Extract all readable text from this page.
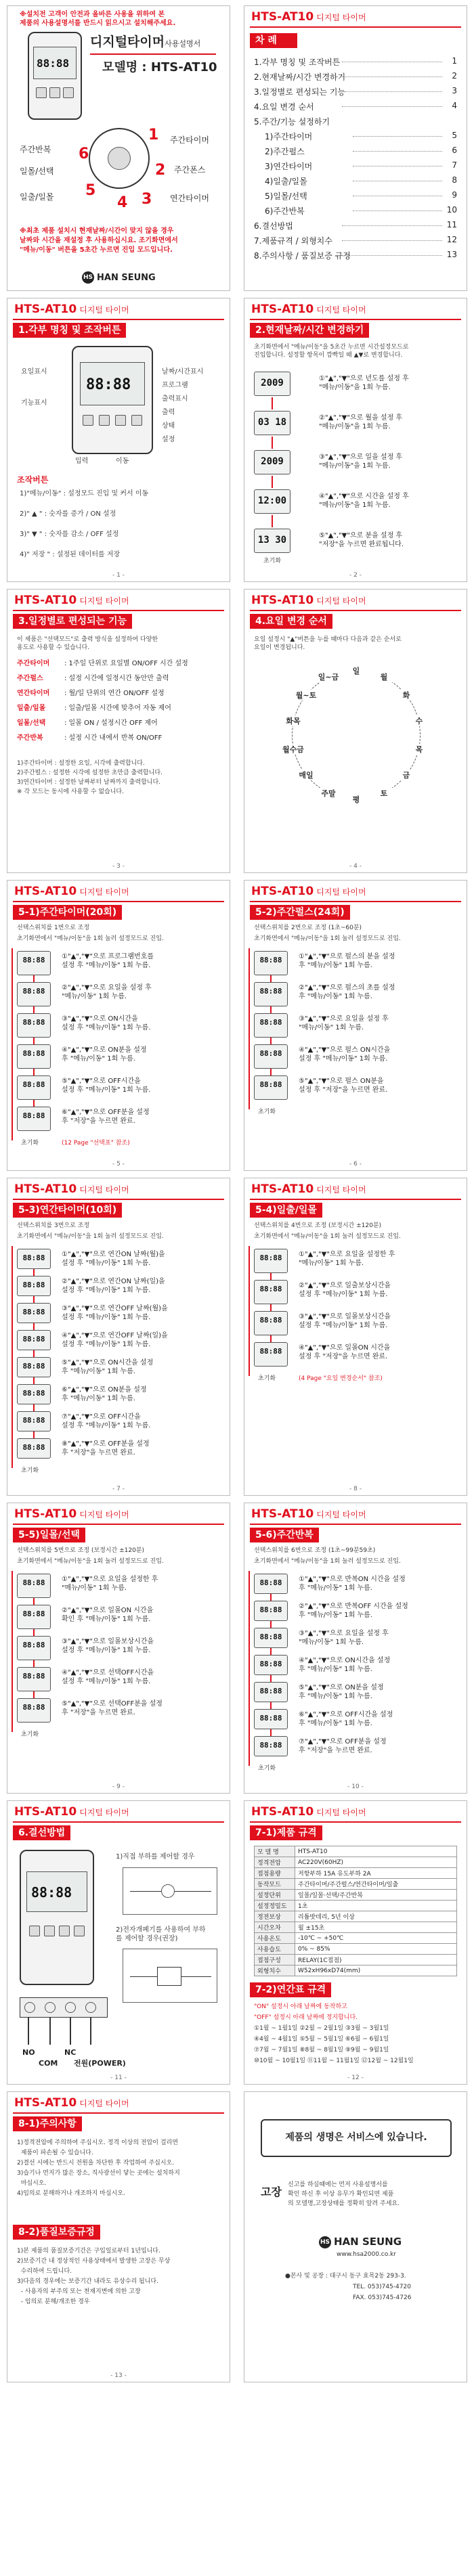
※설치전 고객이 안전과 올바른 사용을 위하여 본
제품의 사용설명서를 반드시 읽으시고 설치해주세요.
88:88
디지털타이머사용설명서
모델명 : HTS-AT10
6
5
4
1
2
3
주간반복
일몰/선택
일출/일몰
주간타이머
주간폰스
연간타이머
※최초 제품 설치시 현재날짜/시간이 맞지 않을 경우
날짜와 시간을 재설정 후 사용하십시요. 조기화면에서
"메뉴/이동" 버튼을 5초간 누르면 진입 모드입니다.
HS HAN SEUNG
HTS-AT10 디지털 타이머
차 례
1.각부 명칭 및 조작버튼	1
2.현재날짜/시간 변경하기	2
3.일정별로 편성되는 기능	3
4.요일 변경 순서	4
5.주간/기능 설정하기
1)주간타이머	5
2)주간펄스	6
3)연간타이머	7
4)일출/일몰	8
5)일몰/선택	9
6)주간반복	10
6.결선방법	11
7.제품규격 / 외형치수	12
8.주의사항 / 품질보증 규정	13
HTS-AT10 디지털 타이머
1.각부 명칭 및 조작버튼
88:88
요일표시
기능표시
날짜/시간표시
프로그램
출력표시
출력
상태
설정
입력	이동
조작버튼
1)"메뉴/이동" : 설정모드 진입 및 커서 이동
2)" ▲ " : 숫자를 증가 / ON 설정
3)" ▼ " : 숫자를 감소 / OFF 설정
4)" 저장 " : 설정된 데이터를 저장
- 1 -
HTS-AT10 디지털 타이머
2.현재날짜/시간 변경하기
초기화면에서 "메뉴/이동"을 5초간 누르면 시간설정모드로
진입합니다. 설정할 항목이 깜빡일 때 ▲▼로 변경합니다.
2009
03 18
2009
12:00
13 30
초기화
①"▲","▼"으로 년도를 설정 후
"메뉴/이동"을 1회 누름.
②"▲","▼"으로 월을 설정 후
"메뉴/이동"을 1회 누름.
③"▲","▼"으로 일을 설정 후
"메뉴/이동"을 1회 누름.
④"▲","▼"으로 시간을 설정 후
"메뉴/이동"을 1회 누름.
⑤"▲","▼"으로 분을 설정 후
"저장"을 누르면 완료됩니다.
- 2 -
HTS-AT10 디지털 타이머
3.일정별로 편성되는 기능
이 제품은 "선택모드"로 출력 방식을 설정하여 다양한
용도로 사용할 수 있습니다.
주간타이머 : 1주일 단위로 요일별 ON/OFF 시간 설정
주간펄스	: 설정 시간에 일정시간 동안만 출력
연간타이머 : 월/일 단위의 연간 ON/OFF 설정
일출/일몰	: 일출/일몰 시간에 맞추어 자동 제어
일몰/선택	: 일몰 ON / 설정시간 OFF 제어
주간반복	: 설정 시간 내에서 반복 ON/OFF
1)주간타이머 : 설정한 요일, 시각에 출력합니다.
2)주간펄스 : 설정한 시각에 설정한 초만큼 출력합니다.
3)연간타이머 : 설정한 날짜부터 날짜까지 출력합니다.
※ 각 모드는 동시에 사용할 수 없습니다.
- 3 -
HTS-AT10 디지털 타이머
4.요일 변경 순서
요일 설정시 "▲"버튼을 누를 때마다 다음과 같은 순서로
요일이 변경됩니다.
일
월
화
수
목
금
토
평
주말
매일
월수금
화목
월~토
일~금
- 4 -
HTS-AT10 디지털 타이머
5-1)주간타이머(20회)
선택스위치를 1번으로 조정
초기화면에서 "메뉴/이동"을 1회 눌러 설정모드로 진입.
88:88	①"▲","▼"으로 프로그램번호를
설정 후 "메뉴/이동" 1회 누름.
88:88	②"▲","▼"으로 요일을 설정 후
"메뉴/이동" 1회 누름.
88:88	③"▲","▼"으로 ON시간을
설정 후 "메뉴/이동" 1회 누름.
88:88	④"▲","▼"으로 ON분을 설정
후 "메뉴/이동" 1회 누름.
88:88	⑤"▲","▼"으로 OFF시간을
설정 후 "메뉴/이동" 1회 누름.
88:88	⑥"▲","▼"으로 OFF분을 설정
후 "저장"을 누르면 완료.
초기화	(12 Page "선택표" 참조)
- 5 -
HTS-AT10 디지털 타이머
5-2)주간펄스(24회)
선택스위치를 2번으로 조정 (1초~60분)
초기화면에서 "메뉴/이동"을 1회 눌러 설정모드로 진입.
88:88	①"▲","▼"으로 펄스의 분을 설정
후 "메뉴/이동" 1회 누름.
88:88	②"▲","▼"으로 펄스의 초를 설정
후 "메뉴/이동" 1회 누름.
88:88	③"▲","▼"으로 요일을 설정 후
"메뉴/이동" 1회 누름.
88:88	④"▲","▼"으로 펄스 ON시간을
설정 후 "메뉴/이동" 1회 누름.
88:88	⑤"▲","▼"으로 펄스 ON분을
설정 후 "저장"을 누르면 완료.
초기화
- 6 -
HTS-AT10 디지털 타이머
5-3)연간타이머(10회)
선택스위치를 3번으로 조정
초기화면에서 "메뉴/이동"을 1회 눌러 설정모드로 진입.
88:88	①"▲","▼"으로 연간ON 날짜(월)을
설정 후 "메뉴/이동" 1회 누름.
88:88	②"▲","▼"으로 연간ON 날짜(일)을
설정 후 "메뉴/이동" 1회 누름.
88:88	③"▲","▼"으로 연간OFF 날짜(월)을
설정 후 "메뉴/이동" 1회 누름.
88:88	④"▲","▼"으로 연간OFF 날짜(일)을
설정 후 "메뉴/이동" 1회 누름.
88:88	⑤"▲","▼"으로 ON시간을 설정
후 "메뉴/이동" 1회 누름.
88:88	⑥"▲","▼"으로 ON분을 설정
후 "메뉴/이동" 1회 누름.
88:88	⑦"▲","▼"으로 OFF시간을
설정 후 "메뉴/이동" 1회 누름.
88:88	⑧"▲","▼"으로 OFF분을 설정
후 "저장"을 누르면 완료.
초기화
- 7 -
HTS-AT10 디지털 타이머
5-4)일출/일몰
선택스위치를 4번으로 조정 (보정시간 ±120분)
초기화면에서 "메뉴/이동"을 1회 눌러 설정모드로 진입.
88:88	①"▲","▼"으로 요일을 설정한 후
"메뉴/이동" 1회 누름.
88:88	②"▲","▼"으로 일출보상시간을
설정 후 "메뉴/이동" 1회 누름.
88:88	③"▲","▼"으로 일몰보상시간을
설정 후 "메뉴/이동" 1회 누름.
88:88	④"▲","▼"으로 일몰ON 시간을
설정 후 "저장"을 누르면 완료.
초기화	(4 Page "요일 변경순서" 참조)
- 8 -
HTS-AT10 디지털 타이머
5-5)일몰/선택
선택스위치를 5번으로 조정 (보정시간 ±120분)
초기화면에서 "메뉴/이동"을 1회 눌러 설정모드로 진입.
88:88	①"▲","▼"으로 요일을 설정한 후
"메뉴/이동" 1회 누름.
88:88	②"▲","▼"으로 일몰ON 시간을
확인 후 "메뉴/이동" 1회 누름.
88:88	③"▲","▼"으로 일몰보상시간을
설정 후 "메뉴/이동" 1회 누름.
88:88	④"▲","▼"으로 선택OFF시간을
설정 후 "메뉴/이동" 1회 누름.
88:88	⑤"▲","▼"으로 선택OFF분을 설정
후 "저장"을 누르면 완료.
초기화
- 9 -
HTS-AT10 디지털 타이머
5-6)주간반복
선택스위치를 6번으로 조정 (1초~99분59초)
초기화면에서 "메뉴/이동"을 1회 눌러 설정모드로 진입.
88:88	①"▲","▼"으로 반복ON 시간을 설정
후 "메뉴/이동" 1회 누름.
88:88	②"▲","▼"으로 반복OFF 시간을 설정
후 "메뉴/이동" 1회 누름.
88:88	③"▲","▼"으로 요일을 설정 후
"메뉴/이동" 1회 누름.
88:88	④"▲","▼"으로 ON시간을 설정
후 "메뉴/이동" 1회 누름.
88:88	⑤"▲","▼"으로 ON분을 설정
후 "메뉴/이동" 1회 누름.
88:88	⑥"▲","▼"으로 OFF시간을 설정
후 "메뉴/이동" 1회 누름.
88:88	⑦"▲","▼"으로 OFF분을 설정
후 "저장"을 누르면 완료.
초기화
- 10 -
HTS-AT10 디지털 타이머
6.결선방법
88:88
NO
COM
NC
전원(POWER)
1)직접 부하를 제어할 경우
2)전자개폐기를 사용하여 부하
를 제어할 경우(권장)
- 11 -
HTS-AT10 디지털 타이머
7-1)제품 규격
모 델 명	HTS-AT10
정격전압	AC220V(60HZ)
접점용량	저항부하 15A 유도부하 2A
동작모드	주간타이머/주간펄스/연간타이머/일출
설정단위	일몰/일몰·선택/주간반복
설정정밀도	1초
정전보상	리튬밧데리, 5년 이상
시간오차	월 ±15초
사용온도	-10℃ ~ +50℃
사용습도	0% ~ 85%
접점구성	RELAY(1C접점)
외형치수	W52xH96xD74(mm)
7-2)연간표 규격
"ON" 설정시 아래 날짜에 동작하고
"OFF" 설정시 아래 날짜에 정지합니다.
①1월 ~ 1월1일 ②2월 ~ 2월1일 ③3월 ~ 3월1일
④4월 ~ 4월1일 ⑤5월 ~ 5월1일 ⑥6월 ~ 6월1일
⑦7월 ~ 7월1일 ⑧8월 ~ 8월1일 ⑨9월 ~ 9월1일
⑩10월 ~ 10월1일 ⑪11월 ~ 11월1일 ⑫12월 ~ 12월1일
- 12 -
HTS-AT10 디지털 타이머
8-1)주의사항
1)정격전압에 주의하여 주십시오. 정격 이상의 전압이 걸리면
제품이 파손될 수 있습니다.
2)결선 시에는 반드시 전원을 차단한 후 작업하여 주십시오.
3)습기나 먼지가 많은 장소, 직사광선이 닿는 곳에는 설치하지
마십시오.
4)임의로 분해하거나 개조하지 마십시오.
8-2)품질보증규정
1)본 제품의 품질보증기간은 구입일로부터 1년입니다.
2)보증기간 내 정상적인 사용상태에서 발생한 고장은 무상
수리하여 드립니다.
3)다음의 경우에는 보증기간 내라도 유상수리 됩니다.
- 사용자의 부주의 또는 천재지변에 의한 고장
- 임의로 분해/개조한 경우
- 13 -
제품의 생명은 서비스에 있습니다.
고장
신고를 하실때에는 먼저 사용설명서를
확인 하신 후 이상 유무가 확인되면 제품
의 모델명,고장상태를 정확히 알려 주세요.
HS HAN SEUNG
www.hsa2000.co.kr
●본사 및 공장 : 대구시 동구 효목2동 293-3.
TEL. 053)745-4720
FAX. 053)745-4726
